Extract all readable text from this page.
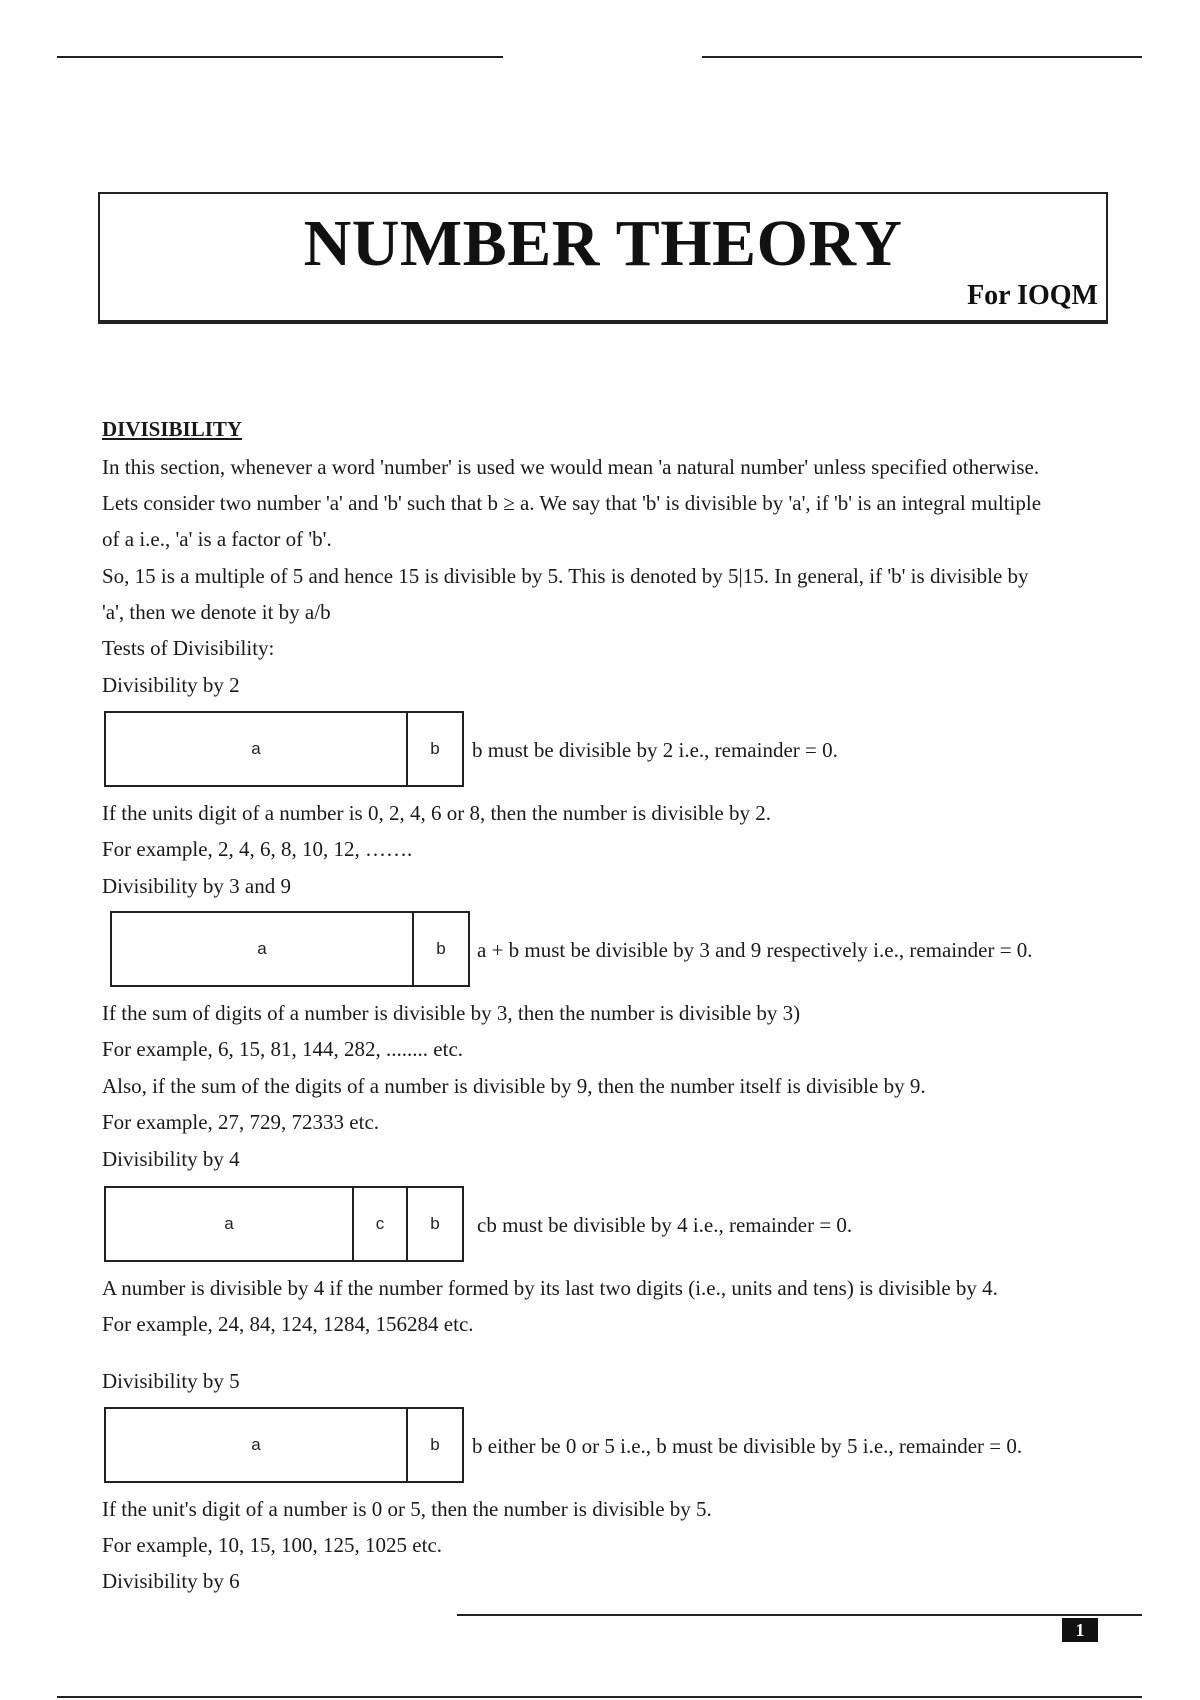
NUMBER THEORY
For IOQM
DIVISIBILITY
In this section, whenever a word 'number' is used we would mean 'a natural number' unless specified otherwise.
Lets consider two number 'a' and 'b' such that b ≥ a. We say that 'b' is divisible by 'a', if 'b' is an integral multiple
of a i.e., 'a' is a factor of 'b'.
So, 15 is a multiple of 5 and hence 15 is divisible by 5. This is denoted by 5|15. In general, if 'b' is divisible by
'a', then we denote it by a/b
Tests of Divisibility:
Divisibility by 2
a	b	b must be divisible by 2 i.e., remainder = 0.
If the units digit of a number is 0, 2, 4, 6 or 8, then the number is divisible by 2.
For example, 2, 4, 6, 8, 10, 12, …….
Divisibility by 3 and 9
a	b	a + b must be divisible by 3 and 9 respectively i.e., remainder = 0.
If the sum of digits of a number is divisible by 3, then the number is divisible by 3)
For example, 6, 15, 81, 144, 282, ........ etc.
Also, if the sum of the digits of a number is divisible by 9, then the number itself is divisible by 9.
For example, 27, 729, 72333 etc.
Divisibility by 4
a	c	b	cb must be divisible by 4 i.e., remainder = 0.
A number is divisible by 4 if the number formed by its last two digits (i.e., units and tens) is divisible by 4.
For example, 24, 84, 124, 1284, 156284 etc.
Divisibility by 5
a	b	b either be 0 or 5 i.e., b must be divisible by 5 i.e., remainder = 0.
If the unit's digit of a number is 0 or 5, then the number is divisible by 5.
For example, 10, 15, 100, 125, 1025 etc.
Divisibility by 6
1
